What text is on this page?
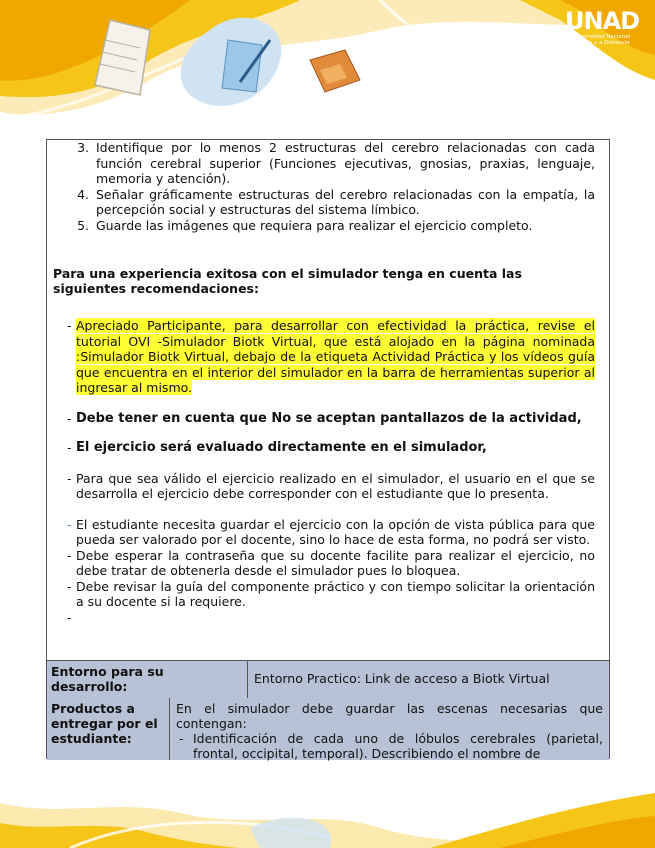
UNAD
Universidad Nacional
Abierta y a Distancia
3. Identifique por lo menos 2 estructuras del cerebro relacionadas con cada función cerebral superior (Funciones ejecutivas, gnosias, praxias, lenguaje, memoria y atención).
4. Señalar gráficamente estructuras del cerebro relacionadas con la empatía, la percepción social y estructuras del sistema límbico.
5. Guarde las imágenes que requiera para realizar el ejercicio completo.

Para una experiencia exitosa con el simulador tenga en cuenta las siguientes recomendaciones:

- Apreciado Participante, para desarrollar con efectividad la práctica, revise el tutorial OVI -Simulador Biotk Virtual, que está alojado en la página nominada :Simulador Biotk Virtual, debajo de la etiqueta Actividad Práctica y los vídeos guía que encuentra en el interior del simulador en la barra de herramientas superior al ingresar al mismo.
- Debe tener en cuenta que No se aceptan pantallazos de la actividad,
- El ejercicio será evaluado directamente en el simulador,
- Para que sea válido el ejercicio realizado en el simulador, el usuario en el que se desarrolla el ejercicio debe corresponder con el estudiante que lo presenta.
- El estudiante necesita guardar el ejercicio con la opción de vista pública para que pueda ser valorado por el docente, sino lo hace de esta forma, no podrá ser visto.
- Debe esperar la contraseña que su docente facilite para realizar el ejercicio, no debe tratar de obtenerla desde el simulador pues lo bloquea.
- Debe revisar la guía del componente práctico y con tiempo solicitar la orientación a su docente si la requiere.
-
Entorno para su desarrollo:
Entorno Practico: Link de acceso a Biotk Virtual
Productos a entregar por el estudiante:
En el simulador debe guardar las escenas necesarias que contengan:
- Identificación de cada uno de lóbulos cerebrales (parietal, frontal, occipital, temporal). Describiendo el nombre de
